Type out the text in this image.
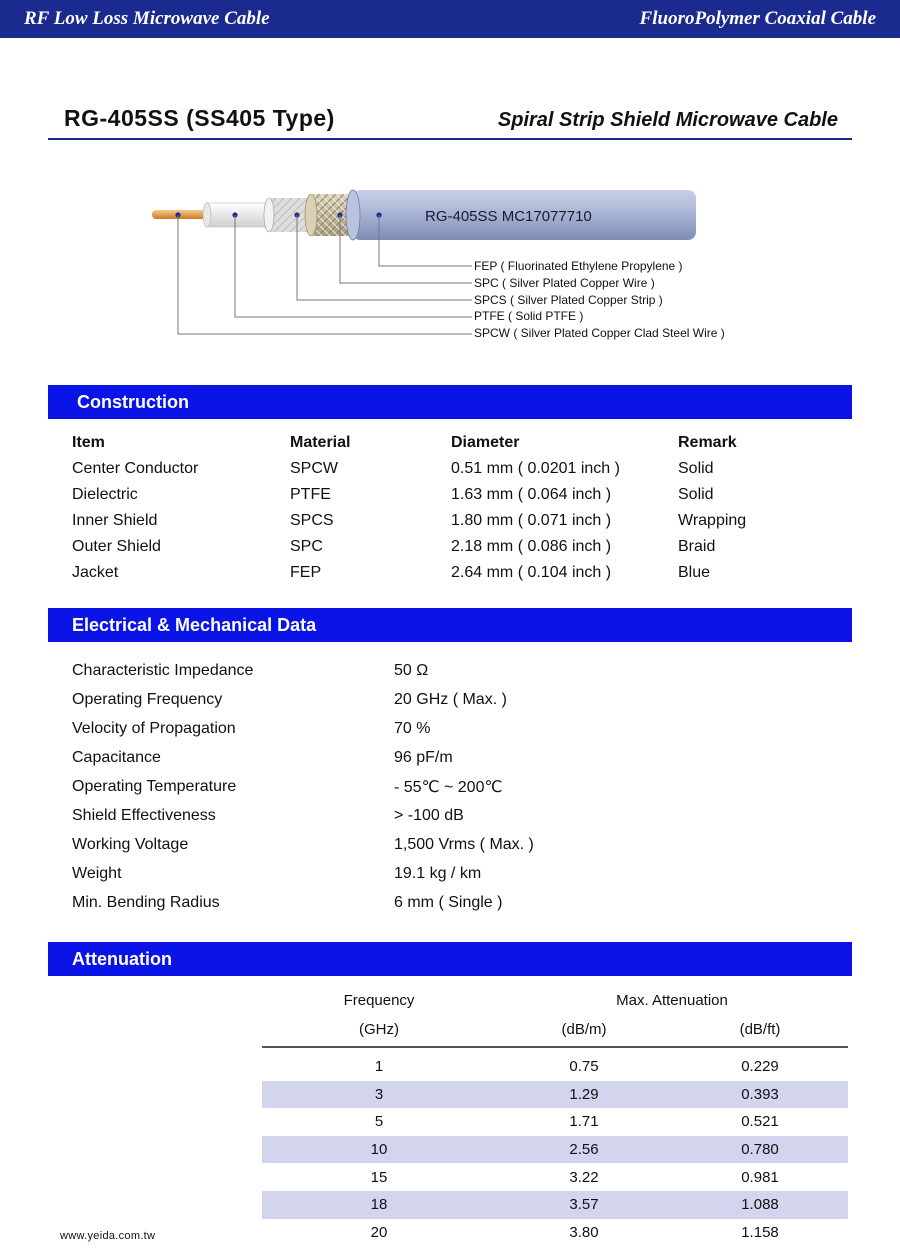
RF Low Loss Microwave Cable	FluoroPolymer Coaxial Cable
RG-405SS (SS405 Type)	Spiral Strip Shield Microwave Cable
RG-405SS MC17077710
FEP ( Fluorinated Ethylene Propylene )
SPC ( Silver Plated Copper Wire )
SPCS ( Silver Plated Copper Strip )
PTFE ( Solid PTFE )
SPCW ( Silver Plated Copper Clad Steel Wire )
Construction
Item	Material	Diameter	Remark
Center Conductor	SPCW	0.51 mm ( 0.0201 inch )	Solid
Dielectric	PTFE	1.63 mm ( 0.064 inch )	Solid
Inner Shield	SPCS	1.80 mm ( 0.071 inch )	Wrapping
Outer Shield	SPC	2.18 mm ( 0.086 inch )	Braid
Jacket	FEP	2.64 mm ( 0.104 inch )	Blue
Electrical & Mechanical Data
Characteristic Impedance	50 Ω
Operating Frequency	20 GHz ( Max. )
Velocity of Propagation	70 %
Capacitance	96 pF/m
Operating Temperature	- 55℃ ~ 200℃
Shield Effectiveness	> -100 dB
Working Voltage	1,500 Vrms ( Max. )
Weight	19.1 kg / km
Min. Bending Radius	6 mm ( Single )
Attenuation
Frequency	Max. Attenuation
(GHz)	(dB/m)	(dB/ft)
1	0.75	0.229
3	1.29	0.393
5	1.71	0.521
10	2.56	0.780
15	3.22	0.981
18	3.57	1.088
20	3.80	1.158
www.yeida.com.tw
